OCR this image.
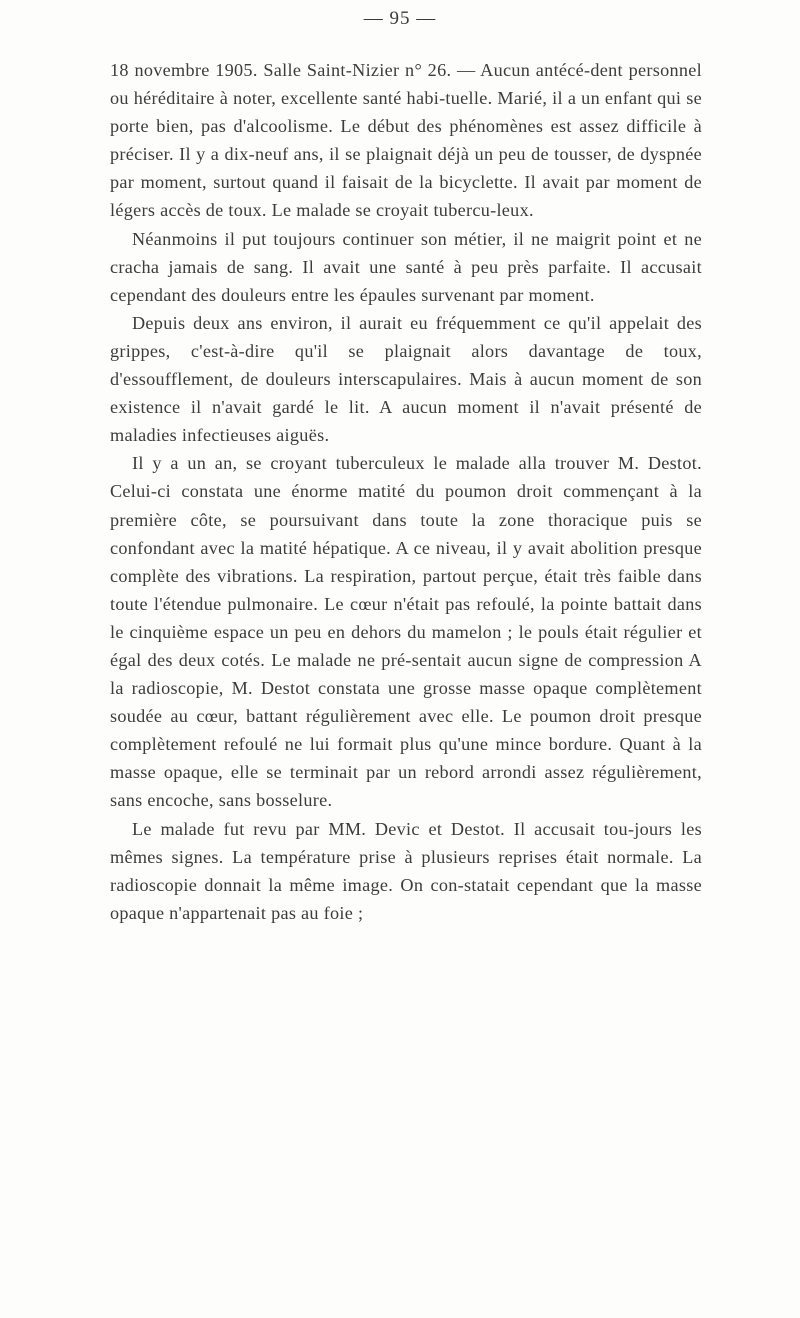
— 95 —

18 novembre 1905. Salle Saint-Nizier n° 26. — Aucun antécé-dent personnel ou héréditaire à noter, excellente santé habi-tuelle. Marié, il a un enfant qui se porte bien, pas d'alcoolisme. Le début des phénomènes est assez difficile à préciser. Il y a dix-neuf ans, il se plaignait déjà un peu de tousser, de dyspnée par moment, surtout quand il faisait de la bicyclette. Il avait par moment de légers accès de toux. Le malade se croyait tubercu-leux.

Néanmoins il put toujours continuer son métier, il ne maigrit point et ne cracha jamais de sang. Il avait une santé à peu près parfaite. Il accusait cependant des douleurs entre les épaules survenant par moment.

Depuis deux ans environ, il aurait eu fréquemment ce qu'il appelait des grippes, c'est-à-dire qu'il se plaignait alors davantage de toux, d'essoufflement, de douleurs interscapulaires. Mais à aucun moment de son existence il n'avait gardé le lit. A aucun moment il n'avait présenté de maladies infectieuses aiguës.

Il y a un an, se croyant tuberculeux le malade alla trouver M. Destot. Celui-ci constata une énorme matité du poumon droit commençant à la première côte, se poursuivant dans toute la zone thoracique puis se confondant avec la matité hépatique. A ce niveau, il y avait abolition presque complète des vibrations. La respiration, partout perçue, était très faible dans toute l'étendue pulmonaire. Le cœur n'était pas refoulé, la pointe battait dans le cinquième espace un peu en dehors du mamelon ; le pouls était régulier et égal des deux cotés. Le malade ne pré-sentait aucun signe de compression A la radioscopie, M. Destot constata une grosse masse opaque complètement soudée au cœur, battant régulièrement avec elle. Le poumon droit presque complètement refoulé ne lui formait plus qu'une mince bordure. Quant à la masse opaque, elle se terminait par un rebord arrondi assez régulièrement, sans encoche, sans bosselure.

Le malade fut revu par MM. Devic et Destot. Il accusait tou-jours les mêmes signes. La température prise à plusieurs reprises était normale. La radioscopie donnait la même image. On con-statait cependant que la masse opaque n'appartenait pas au foie ;
